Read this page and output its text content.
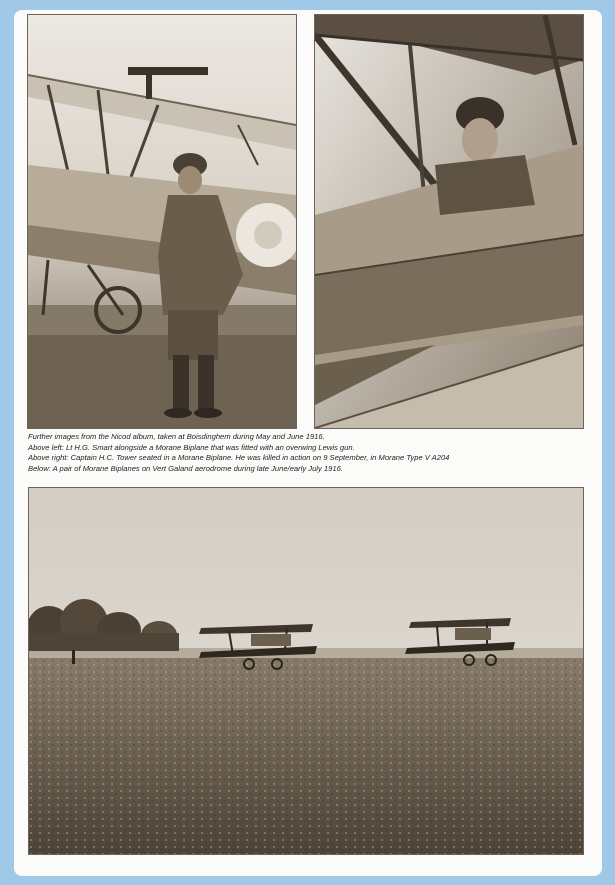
Further images from the Nicod album, taken at Boisdinghem during May and June 1916.
Above left: Lt H.G. Smart alongside a Morane Biplane that was fitted with an overwing Lewis gun.
Above right: Captain H.C. Tower seated in a Morane Biplane. He was killed in action on 9 September, in Morane Type V A204
Below: A pair of Morane Biplanes on Vert Galand aerodrome during late June/early July 1916.
